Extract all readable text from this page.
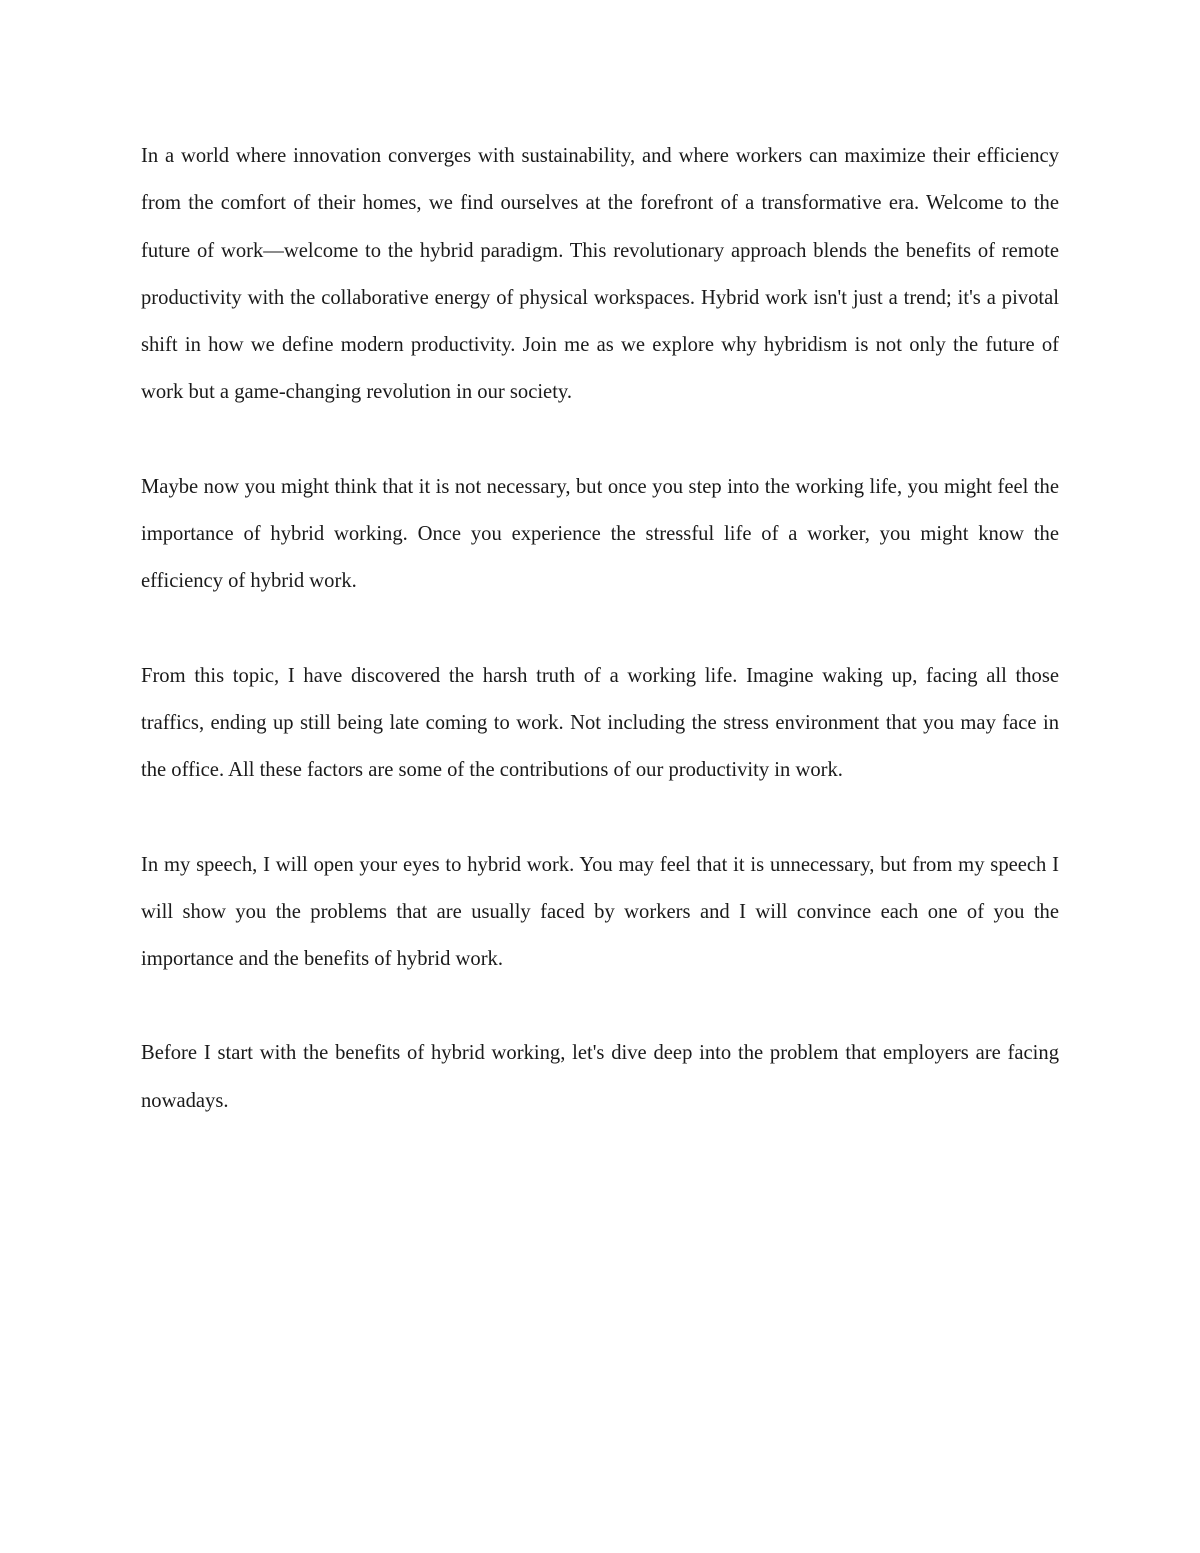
In a world where innovation converges with sustainability, and where workers can maximize their efficiency from the comfort of their homes, we find ourselves at the forefront of a transformative era. Welcome to the future of work—welcome to the hybrid paradigm. This revolutionary approach blends the benefits of remote productivity with the collaborative energy of physical workspaces. Hybrid work isn't just a trend; it's a pivotal shift in how we define modern productivity. Join me as we explore why hybridism is not only the future of work but a game-changing revolution in our society.

Maybe now you might think that it is not necessary, but once you step into the working life, you might feel the importance of hybrid working. Once you experience the stressful life of a worker, you might know the efficiency of hybrid work.

From this topic, I have discovered the harsh truth of a working life. Imagine waking up, facing all those traffics, ending up still being late coming to work. Not including the stress environment that you may face in the office. All these factors are some of the contributions of our productivity in work.

In my speech, I will open your eyes to hybrid work. You may feel that it is unnecessary, but from my speech I will show you the problems that are usually faced by workers and I will convince each one of you the importance and the benefits of hybrid work.

Before I start with the benefits of hybrid working, let's dive deep into the problem that employers are facing nowadays.
